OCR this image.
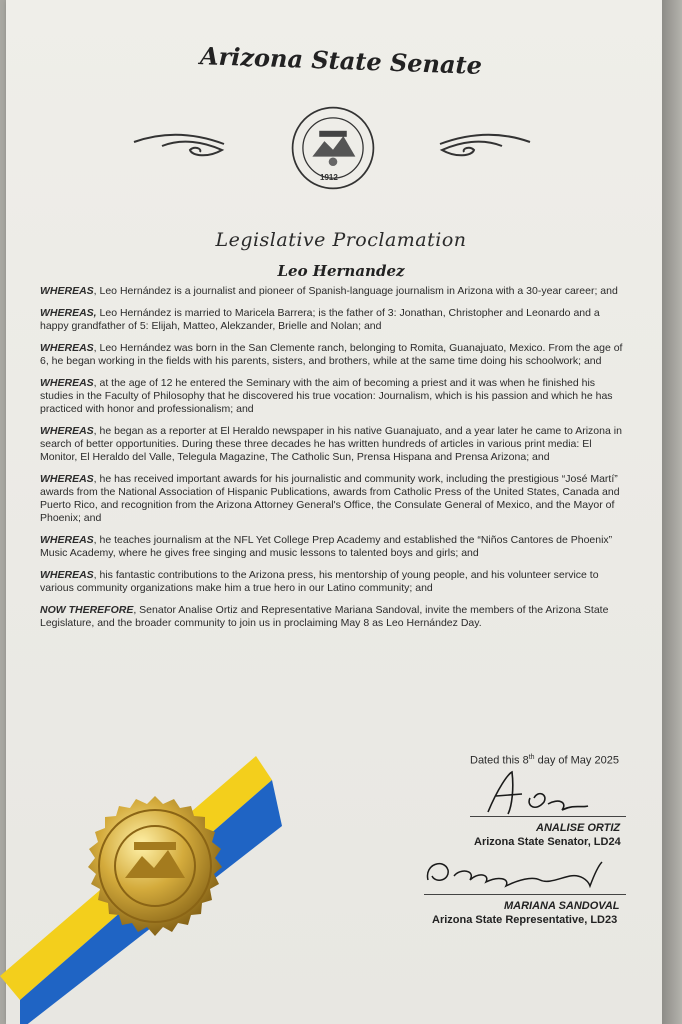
Arizona State Senate
1912
Legislative Proclamation
Leo Hernandez

WHEREAS, Leo Hernández is a journalist and pioneer of Spanish-language journalism in Arizona with a 30-year career; and

WHEREAS, Leo Hernández is married to Maricela Barrera; is the father of 3: Jonathan, Christopher and Leonardo and a happy grandfather of 5: Elijah, Matteo, Alekzander, Brielle and Nolan; and

WHEREAS, Leo Hernández was born in the San Clemente ranch, belonging to Romita, Guanajuato, Mexico. From the age of 6, he began working in the fields with his parents, sisters, and brothers, while at the same time doing his schoolwork; and

WHEREAS, at the age of 12 he entered the Seminary with the aim of becoming a priest and it was when he finished his studies in the Faculty of Philosophy that he discovered his true vocation: Journalism, which is his passion and which he has practiced with honor and professionalism; and

WHEREAS, he began as a reporter at El Heraldo newspaper in his native Guanajuato, and a year later he came to Arizona in search of better opportunities. During these three decades he has written hundreds of articles in various print media: El Monitor, El Heraldo del Valle, Telegula Magazine, The Catholic Sun, Prensa Hispana and Prensa Arizona; and

WHEREAS, he has received important awards for his journalistic and community work, including the prestigious “José Martí” awards from the National Association of Hispanic Publications, awards from Catholic Press of the United States, Canada and Puerto Rico, and recognition from the Arizona Attorney General's Office, the Consulate General of Mexico, and the Mayor of Phoenix; and

WHEREAS, he teaches journalism at the NFL Yet College Prep Academy and established the “Niños Cantores de Phoenix” Music Academy, where he gives free singing and music lessons to talented boys and girls; and

WHEREAS, his fantastic contributions to the Arizona press, his mentorship of young people, and his volunteer service to various community organizations make him a true hero in our Latino community; and

NOW THEREFORE, Senator Analise Ortiz and Representative Mariana Sandoval, invite the members of the Arizona State Legislature, and the broader community to join us in proclaiming May 8 as Leo Hernández Day.

Dated this 8th day of May 2025
ANALISE ORTIZ
Arizona State Senator, LD24
MARIANA SANDOVAL
Arizona State Representative, LD23
